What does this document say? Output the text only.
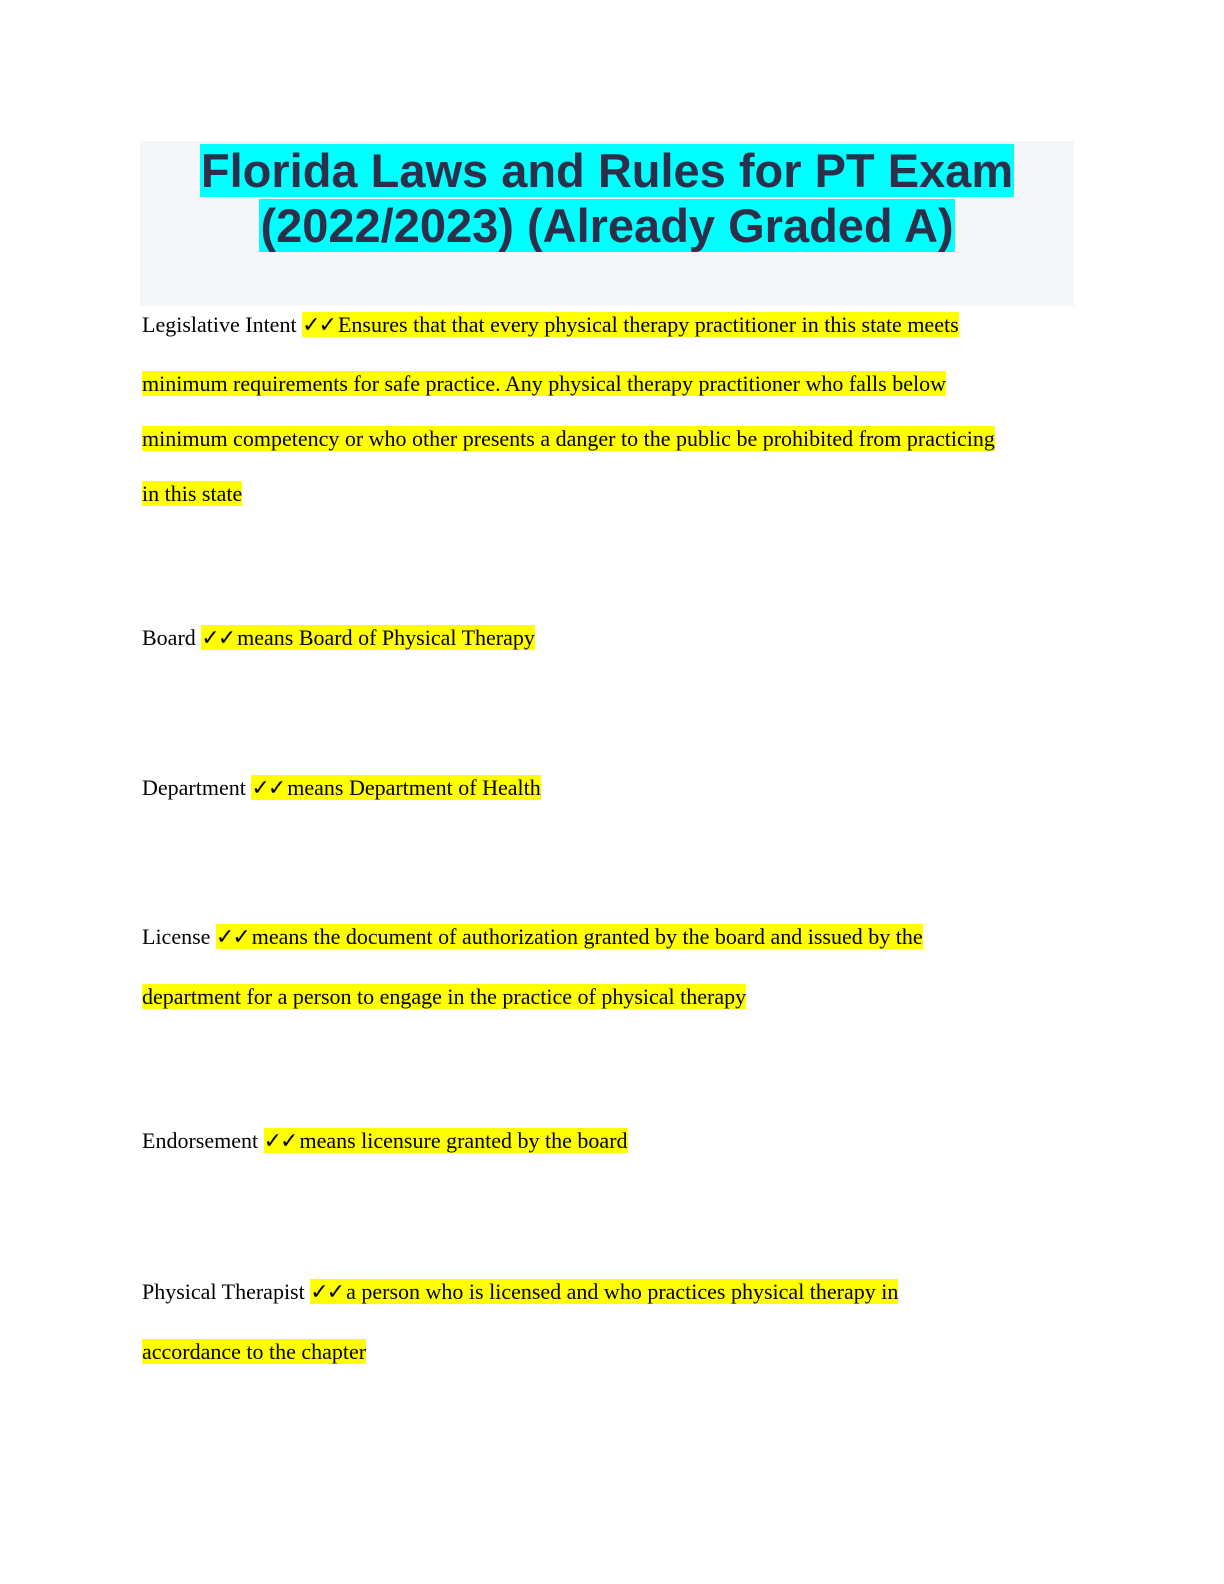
Florida Laws and Rules for PT Exam
(2022/2023) (Already Graded A)
Legislative Intent ✓✓ Ensures that that every physical therapy practitioner in this state meets
minimum requirements for safe practice. Any physical therapy practitioner who falls below
minimum competency or who other presents a danger to the public be prohibited from practicing
in this state
Board ✓✓ means Board of Physical Therapy
Department ✓✓ means Department of Health
License ✓✓ means the document of authorization granted by the board and issued by the
department for a person to engage in the practice of physical therapy
Endorsement ✓✓ means licensure granted by the board
Physical Therapist ✓✓ a person who is licensed and who practices physical therapy in
accordance to the chapter
